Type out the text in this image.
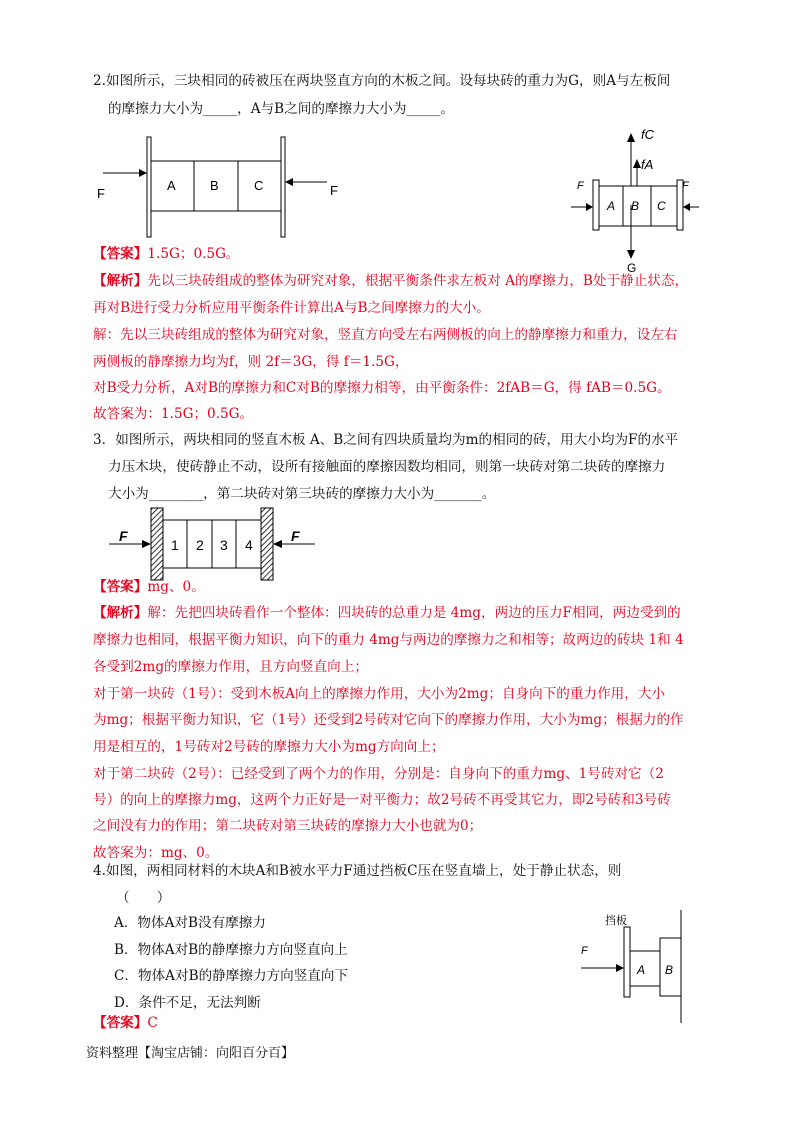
2.如图所示，三块相同的砖被压在两块竖直方向的木板之间。设每块砖的重力为G，则A与左板间
的摩擦力大小为_____，A与B之间的摩擦力大小为_____。
F
A	B	C	F
fC
fA
F
A B C
F
G
【答案】1.5G；0.5G。
【解析】先以三块砖组成的整体为研究对象，根据平衡条件求左板对 A的摩擦力，B处于静止状态，
再对B进行受力分析应用平衡条件计算出A与B之间摩擦力的大小。
解：先以三块砖组成的整体为研究对象，竖直方向受左右两侧板的向上的静摩擦力和重力，设左右
两侧板的静摩擦力均为f，则 2f＝3G，得 f＝1.5G，
对B受力分析，A对B的摩擦力和C对B的摩擦力相等，由平衡条件：2fAB＝G，得 fAB＝0.5G。
故答案为：1.5G；0.5G。
3．如图所示，两块相同的竖直木板 A、B之间有四块质量均为m的相同的砖，用大小均为F的水平
力压木块，使砖静止不动，设所有接触面的摩擦因数均相同，则第一块砖对第二块砖的摩擦力
大小为________，第二块砖对第三块砖的摩擦力大小为_______。
F
1 2 3 4
F
【答案】mg、0。
【解析】解：先把四块砖看作一个整体：四块砖的总重力是 4mg，两边的压力F相同，两边受到的
摩擦力也相同，根据平衡力知识，向下的重力 4mg与两边的摩擦力之和相等；故两边的砖块 1和 4
各受到2mg的摩擦力作用，且方向竖直向上；
对于第一块砖（1号）：受到木板A向上的摩擦力作用，大小为2mg；自身向下的重力作用，大小
为mg；根据平衡力知识，它（1号）还受到2号砖对它向下的摩擦力作用，大小为mg；根据力的作
用是相互的，1号砖对2号砖的摩擦力大小为mg方向向上；
对于第二块砖（2号）：已经受到了两个力的作用，分别是：自身向下的重力mg、1号砖对它（2
号）的向上的摩擦力mg，这两个力正好是一对平衡力；故2号砖不再受其它力，即2号砖和3号砖
之间没有力的作用；第二块砖对第三块砖的摩擦力大小也就为0；
故答案为：mg、0。
4.如图，两相同材料的木块A和B被水平力F通过挡板C压在竖直墙上，处于静止状态，则
（　　）
A．物体A对B没有摩擦力
B．物体A对B的静摩擦力方向竖直向上
C．物体A对B的静摩擦力方向竖直向下
D．条件不足，无法判断
挡板
F
A B
【答案】C
资料整理【淘宝店铺：向阳百分百】
